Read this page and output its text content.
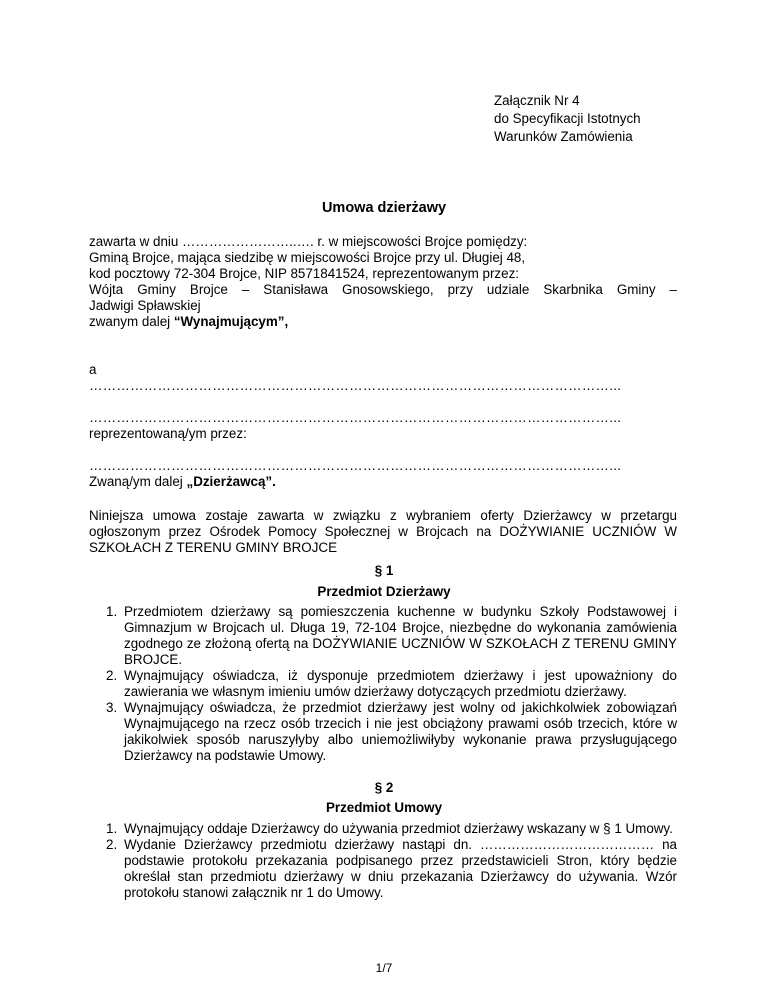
Załącznik Nr 4
do Specyfikacji Istotnych
Warunków Zamówienia
Umowa dzierżawy
zawarta w dniu ……………………..…. r. w miejscowości Brojce pomiędzy:
Gminą Brojce, mająca siedzibę w miejscowości Brojce przy ul. Długiej 48,
kod pocztowy 72-304 Brojce, NIP 8571841524, reprezentowanym przez:
Wójta Gminy Brojce – Stanisława Gnosowskiego, przy udziale Skarbnika Gminy –
Jadwigi Spławskiej
zwanym dalej “Wynajmującym”,
a
……………………………………………………………………………………………………...
……………………………………………………………………………………………………...
reprezentowaną/ym przez:
……………………………………………………………………………………………………...
Zwaną/ym dalej „Dzierżawcą”.
Niniejsza umowa zostaje zawarta w związku z wybraniem oferty Dzierżawcy w przetargu
ogłoszonym przez Ośrodek Pomocy Społecznej w Brojcach na DOŻYWIANIE UCZNIÓW W
SZKOŁACH Z TERENU GMINY BROJCE
§ 1
Przedmiot Dzierżawy
1. Przedmiotem dzierżawy są pomieszczenia kuchenne w budynku Szkoły Podstawowej i Gimnazjum w Brojcach ul. Długa 19, 72-104 Brojce, niezbędne do wykonania zamówienia zgodnego ze złożoną ofertą na DOŻYWIANIE UCZNIÓW W SZKOŁACH Z TERENU GMINY BROJCE.
2. Wynajmujący oświadcza, iż dysponuje przedmiotem dzierżawy i jest upoważniony do zawierania we własnym imieniu umów dzierżawy dotyczących przedmiotu dzierżawy.
3. Wynajmujący oświadcza, że przedmiot dzierżawy jest wolny od jakichkolwiek zobowiązań Wynajmującego na rzecz osób trzecich i nie jest obciążony prawami osób trzecich, które w jakikolwiek sposób naruszyłyby albo uniemożliwiłyby wykonanie prawa przysługującego Dzierżawcy na podstawie Umowy.
§ 2
Przedmiot Umowy
1. Wynajmujący oddaje Dzierżawcy do używania przedmiot dzierżawy wskazany w § 1 Umowy.
2. Wydanie Dzierżawcy przedmiotu dzierżawy nastąpi dn. ………………………………… na podstawie protokołu przekazania podpisanego przez przedstawicieli Stron, który będzie określał stan przedmiotu dzierżawy w dniu przekazania Dzierżawcy do używania. Wzór protokołu stanowi załącznik nr 1 do Umowy.
1/7
